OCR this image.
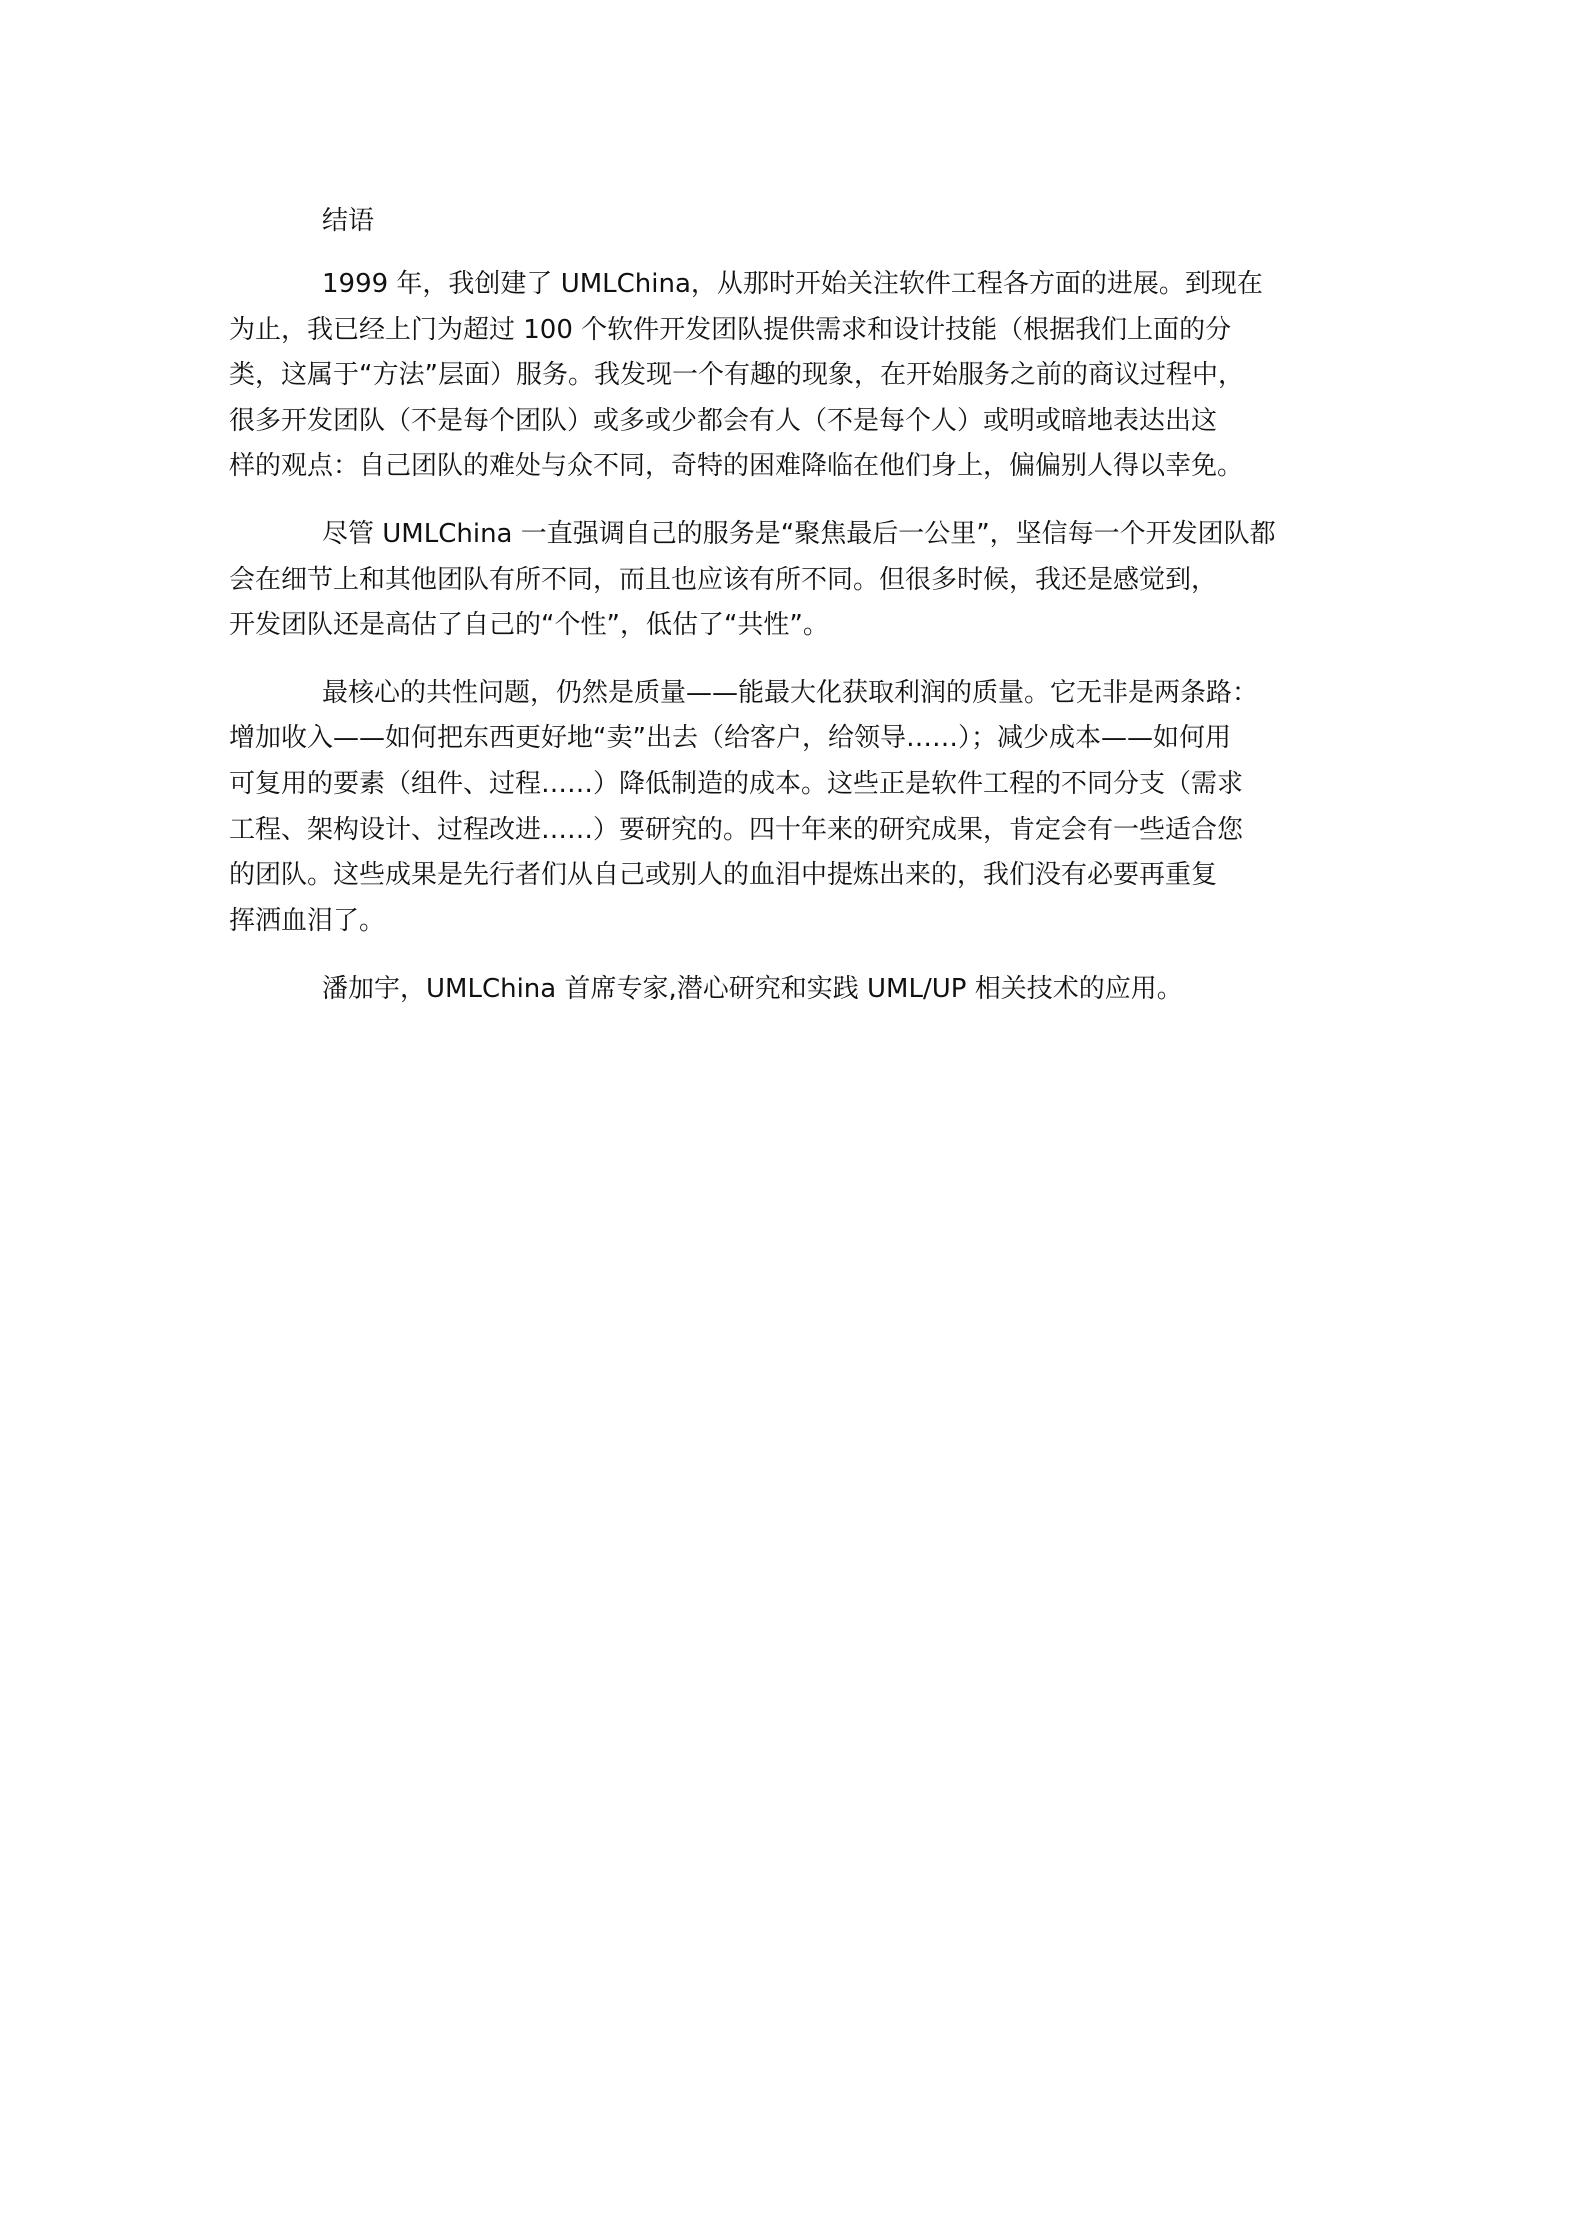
结语
1999 年，我创建了 UMLChina，从那时开始关注软件工程各方面的进展。到现在
为止，我已经上门为超过 100 个软件开发团队提供需求和设计技能（根据我们上面的分
类，这属于“方法”层面）服务。我发现一个有趣的现象，在开始服务之前的商议过程中，
很多开发团队（不是每个团队）或多或少都会有人（不是每个人）或明或暗地表达出这
样的观点：自己团队的难处与众不同，奇特的困难降临在他们身上，偏偏别人得以幸免。
尽管 UMLChina 一直强调自己的服务是“聚焦最后一公里”，坚信每一个开发团队都
会在细节上和其他团队有所不同，而且也应该有所不同。但很多时候，我还是感觉到，
开发团队还是高估了自己的“个性”，低估了“共性”。
最核心的共性问题，仍然是质量——能最大化获取利润的质量。它无非是两条路：
增加收入——如何把东西更好地“卖”出去（给客户，给领导……）；减少成本——如何用
可复用的要素（组件、过程……）降低制造的成本。这些正是软件工程的不同分支（需求
工程、架构设计、过程改进……）要研究的。四十年来的研究成果，肯定会有一些适合您
的团队。这些成果是先行者们从自己或别人的血泪中提炼出来的，我们没有必要再重复
挥洒血泪了。
潘加宇，UMLChina 首席专家,潜心研究和实践 UML/UP 相关技术的应用。
